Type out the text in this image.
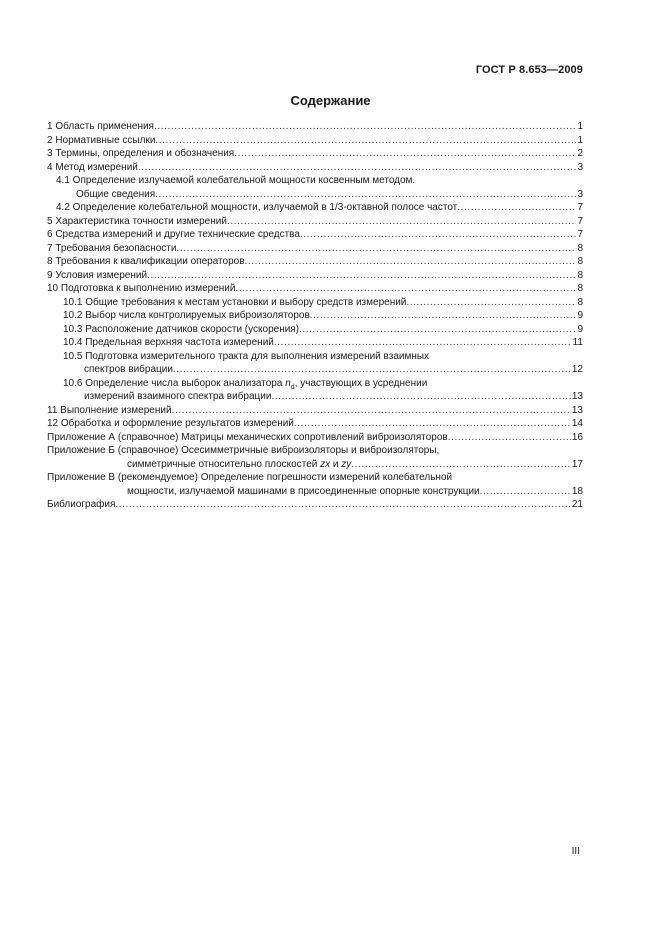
ГОСТ Р 8.653—2009
Содержание
1 Область применения .....	1
2 Нормативные ссылки .....	1
3 Термины, определения и обозначения .....	2
4 Метод измерений .....	3
4.1 Определение излучаемой колебательной мощности косвенным методом.
Общие сведения .....	3
4.2 Определение колебательной мощности, излучаемой в 1/3-октавной полосе частот .....	7
5 Характеристика точности измерений .....	7
6 Средства измерений и другие технические средства .....	7
7 Требования безопасности .....	8
8 Требования к квалификации операторов .....	8
9 Условия измерений .....	8
10 Подготовка к выполнению измерений .....	8
10.1 Общие требования к местам установки и выбору средств измерений .....	8
10.2 Выбор числа контролируемых виброизоляторов .....	9
10.3 Расположение датчиков скорости (ускорения) .....	9
10.4 Предельная верхняя частота измерений .....	11
10.5 Подготовка измерительного тракта для выполнения измерений взаимных
спектров вибрации .....	12
10.6 Определение числа выборок анализатора $n_d$, участвующих в усреднении
измерений взаимного спектра вибрации .....	13
11 Выполнение измерений .....	13
12 Обработка и оформление результатов измерений .....	14
Приложение А (справочное) Матрицы механических сопротивлений виброизоляторов .....	16
Приложение Б (справочное) Осесимметричные виброизоляторы и виброизоляторы,
симметричные относительно плоскостей zx и zy .....	17
Приложение В (рекомендуемое) Определение погрешности измерений колебательной
мощности, излучаемой машинами в присоединенные опорные конструкции .....	18
Библиография .....	21
III
